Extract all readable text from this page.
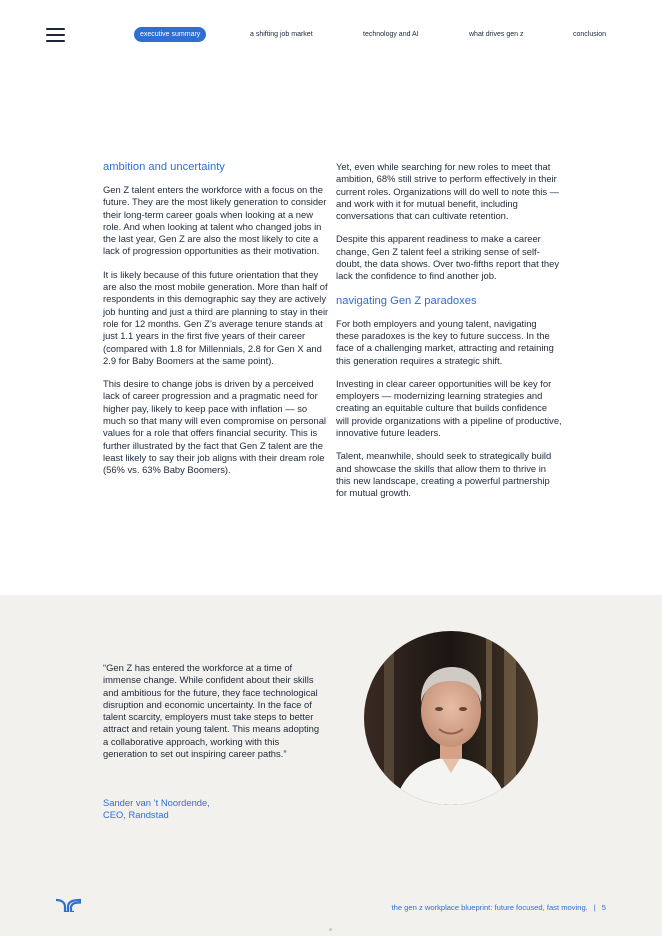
executive summary	a shifting job market	technology and AI	what drives gen z	conclusion
ambition and uncertainty

Gen Z talent enters the workforce with a focus on the future. They are the most likely generation to consider their long-term career goals when looking at a new role. And when looking at talent who changed jobs in the last year, Gen Z are also the most likely to cite a lack of progression opportunities as their motivation.

It is likely because of this future orientation that they are also the most mobile generation. More than half of respondents in this demographic say they are actively job hunting and just a third are planning to stay in their role for 12 months. Gen Z’s average tenure stands at just 1.1 years in the first five years of their career (compared with 1.8 for Millennials, 2.8 for Gen X and 2.9 for Baby Boomers at the same point).

This desire to change jobs is driven by a perceived lack of career progression and a pragmatic need for higher pay, likely to keep pace with inflation — so much so that many will even compromise on personal values for a role that offers financial security. This is further illustrated by the fact that Gen Z talent are the least likely to say their job aligns with their dream role (56% vs. 63% Baby Boomers).

Yet, even while searching for new roles to meet that ambition, 68% still strive to perform effectively in their current roles. Organizations will do well to note this — and work with it for mutual benefit, including conversations that can cultivate retention.

Despite this apparent readiness to make a career change, Gen Z talent feel a striking sense of self-doubt, the data shows. Over two-fifths report that they lack the confidence to find another job.

navigating Gen Z paradoxes

For both employers and young talent, navigating these paradoxes is the key to future success. In the face of a challenging market, attracting and retaining this generation requires a strategic shift.

Investing in clear career opportunities will be key for employers — modernizing learning strategies and creating an equitable culture that builds confidence will provide organizations with a pipeline of productive, innovative future leaders.

Talent, meanwhile, should seek to strategically build and showcase the skills that allow them to thrive in this new landscape, creating a powerful partnership for mutual growth.

“Gen Z has entered the workforce at a time of immense change. While confident about their skills and ambitious for the future, they face technological disruption and economic uncertainty. In the face of talent scarcity, employers must take steps to better attract and retain young talent. This means adopting a collaborative approach, working with this generation to set out inspiring career paths.”

Sander van ’t Noordende,
CEO, Randstad
the gen z workplace blueprint: future focused, fast moving. | 5
